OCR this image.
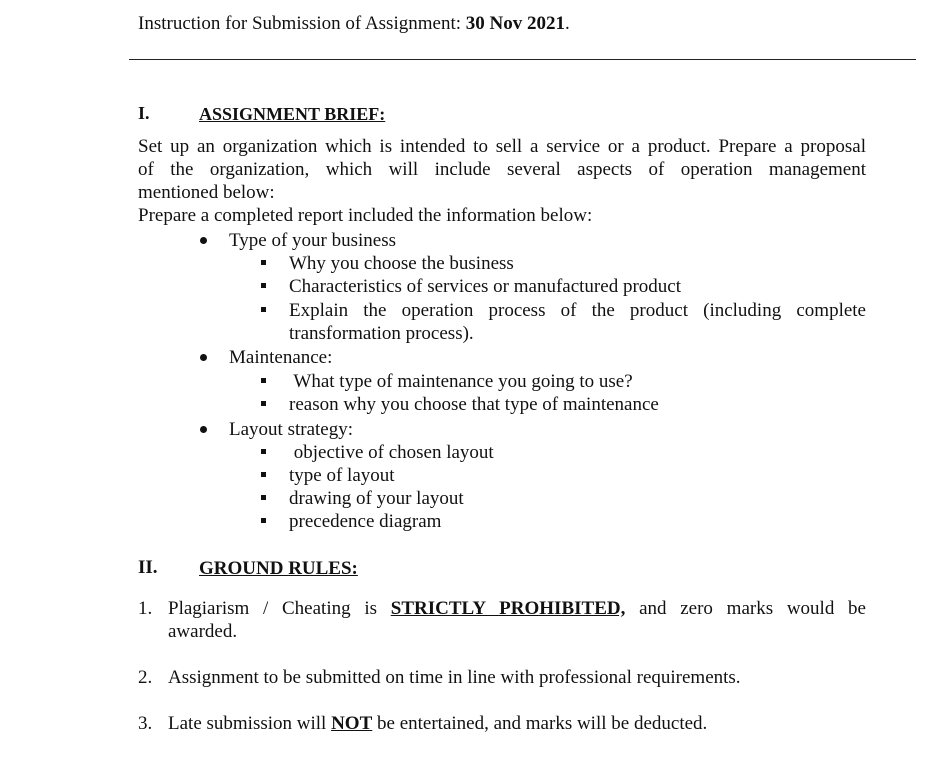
Instruction for Submission of Assignment: 30 Nov 2021.
I.	ASSIGNMENT BRIEF:
Set up an organization which is intended to sell a service or a product. Prepare a proposal
of the organization, which will include several aspects of operation management
mentioned below:
Prepare a completed report included the information below:
Type of your business
Why you choose the business
Characteristics of services or manufactured product
Explain the operation process of the product (including complete
transformation process).
Maintenance:
What type of maintenance you going to use?
reason why you choose that type of maintenance
Layout strategy:
objective of chosen layout
type of layout
drawing of your layout
precedence diagram
II. GROUND RULES:
1. Plagiarism / Cheating is STRICTLY PROHIBITED, and zero marks would be
awarded.
2. Assignment to be submitted on time in line with professional requirements.
3. Late submission will NOT be entertained, and marks will be deducted.
